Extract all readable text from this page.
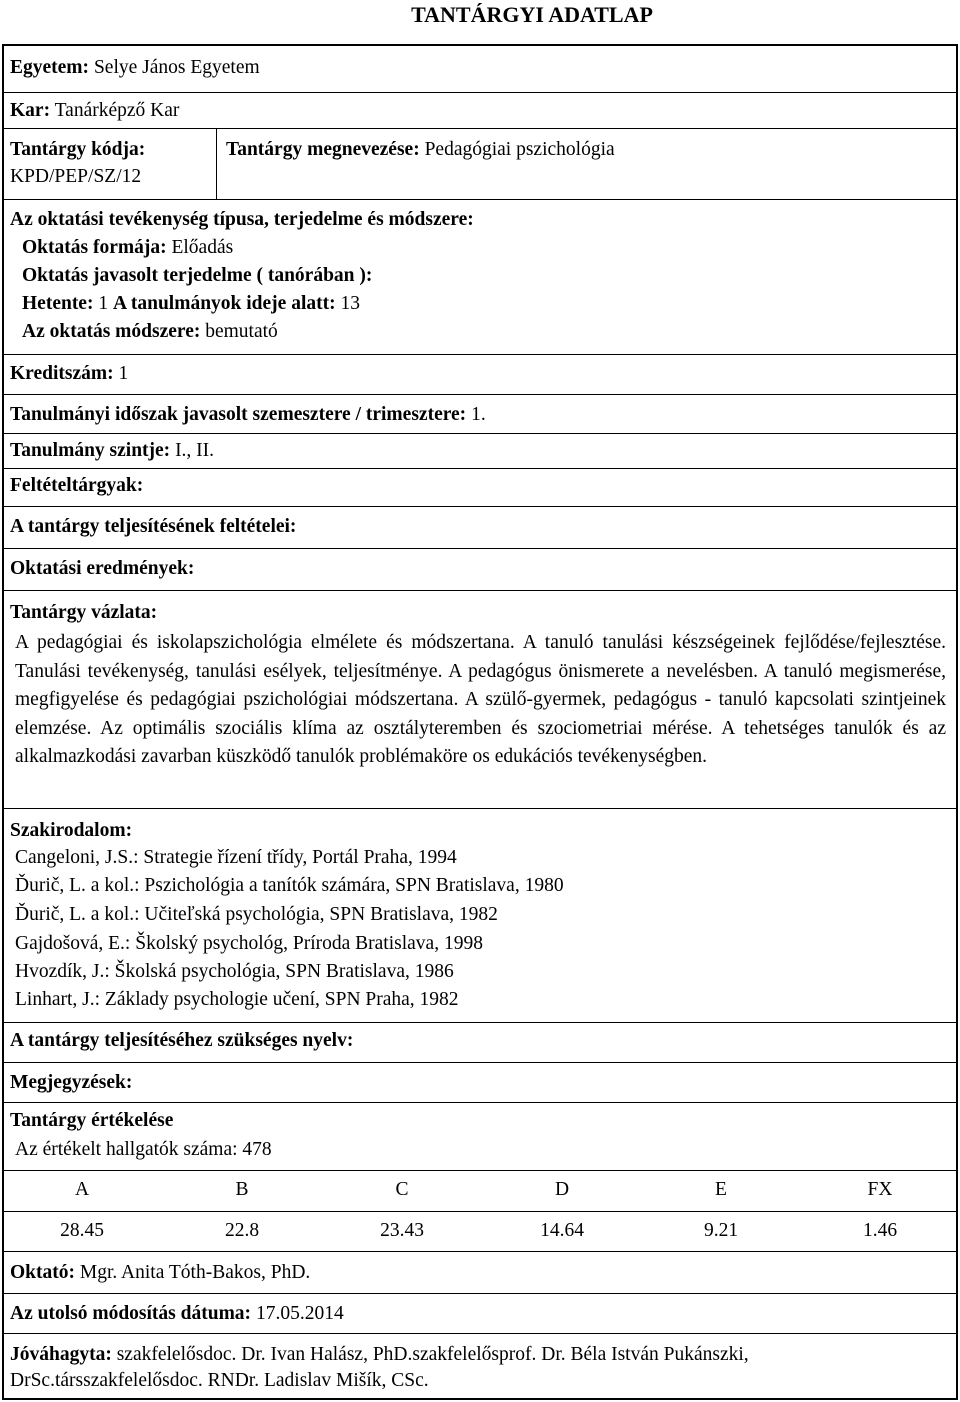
TANTÁRGYI ADATLAP
Egyetem: Selye János Egyetem
Kar: Tanárképző Kar
Tantárgy kódja:
KPD/PEP/SZ/12
Tantárgy megnevezése: Pedagógiai pszichológia
Az oktatási tevékenység típusa, terjedelme és módszere:
Oktatás formája: Előadás
Oktatás javasolt terjedelme ( tanórában ):
Hetente: 1 A tanulmányok ideje alatt: 13
Az oktatás módszere: bemutató
Kreditszám: 1
Tanulmányi időszak javasolt szemesztere / trimesztere: 1.
Tanulmány szintje: I., II.
Feltételtárgyak:
A tantárgy teljesítésének feltételei:
Oktatási eredmények:
Tantárgy vázlata:
A pedagógiai és iskolapszichológia elmélete és módszertana. A tanuló tanulási készségeinek fejlődése/fejlesztése. Tanulási tevékenység, tanulási esélyek, teljesítménye. A pedagógus önismerete a nevelésben. A tanuló megismerése, megfigyelése és pedagógiai pszichológiai módszertana. A szülő-gyermek, pedagógus - tanuló kapcsolati szintjeinek elemzése. Az optimális szociális klíma az osztályteremben és szociometriai mérése. A tehetséges tanulók és az alkalmazkodási zavarban küszködő tanulók problémaköre os edukációs tevékenységben.
Szakirodalom:
Cangeloni, J.S.: Strategie řízení třídy, Portál Praha, 1994
Ďurič, L. a kol.: Pszichológia a tanítók számára, SPN Bratislava, 1980
Ďurič, L. a kol.: Učiteľská psychológia, SPN Bratislava, 1982
Gajdošová, E.: Školský psychológ, Príroda Bratislava, 1998
Hvozdík, J.: Školská psychológia, SPN Bratislava, 1986
Linhart, J.: Základy psychologie učení, SPN Praha, 1982
A tantárgy teljesítéséhez szükséges nyelv:
Megjegyzések:
Tantárgy értékelése
Az értékelt hallgatók száma: 478
A	B	C	D	E	FX
28.45	22.8	23.43	14.64	9.21	1.46
Oktató: Mgr. Anita Tóth-Bakos, PhD.
Az utolsó módosítás dátuma: 17.05.2014
Jóváhagyta: szakfelelősdoc. Dr. Ivan Halász, PhD.szakfelelősprof. Dr. Béla István Pukánszki,
DrSc.társszakfelelősdoc. RNDr. Ladislav Mišík, CSc.
